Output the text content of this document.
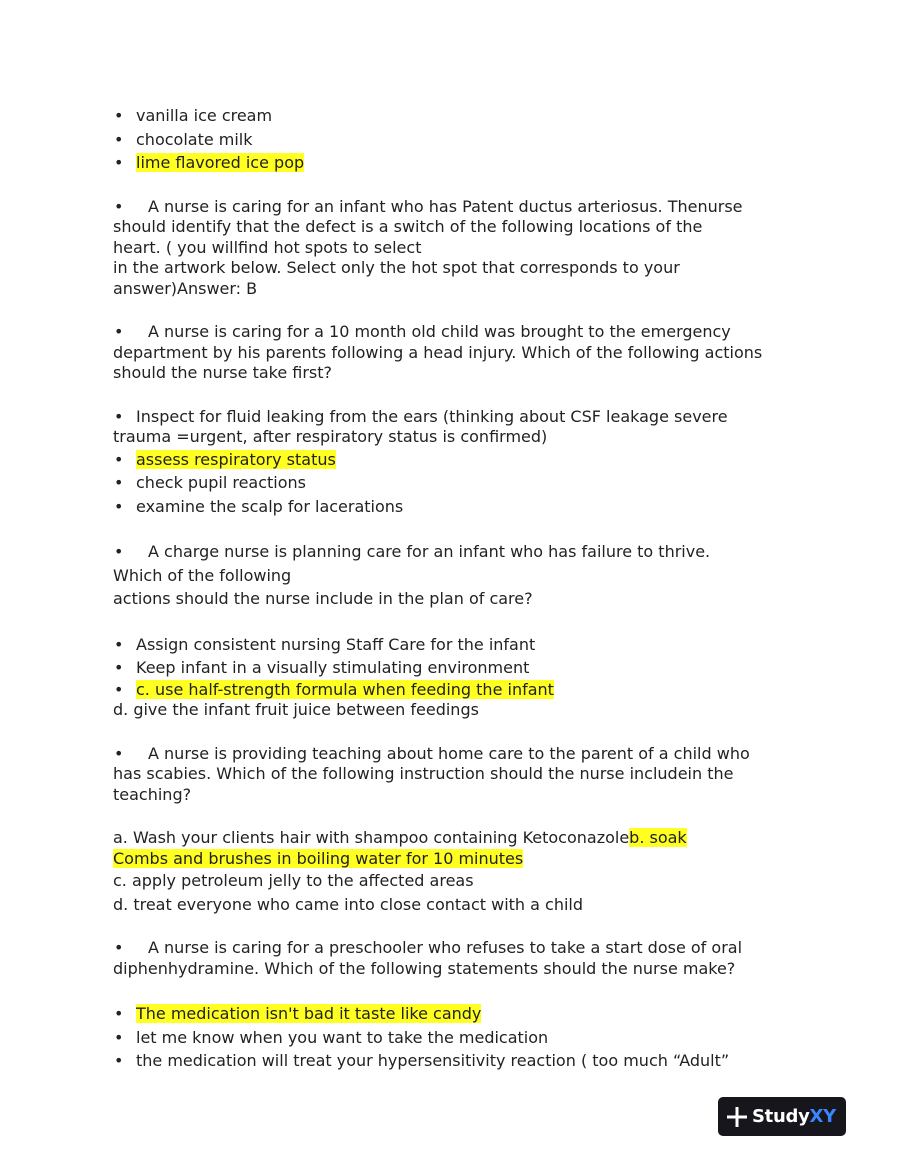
• vanilla ice cream
• chocolate milk
• lime flavored ice pop
• A nurse is caring for an infant who has Patent ductus arteriosus. Thenurse
should identify that the defect is a switch of the following locations of the
heart. ( you willfind hot spots to select
in the artwork below. Select only the hot spot that corresponds to your
answer)Answer: B
• A nurse is caring for a 10 month old child was brought to the emergency
department by his parents following a head injury. Which of the following actions
should the nurse take first?
• Inspect for fluid leaking from the ears (thinking about CSF leakage severe
trauma =urgent, after respiratory status is confirmed)
• assess respiratory status
• check pupil reactions
• examine the scalp for lacerations
• A charge nurse is planning care for an infant who has failure to thrive.
Which of the following
actions should the nurse include in the plan of care?
• Assign consistent nursing Staff Care for the infant
• Keep infant in a visually stimulating environment
• c. use half-strength formula when feeding the infant
d. give the infant fruit juice between feedings
• A nurse is providing teaching about home care to the parent of a child who
has scabies. Which of the following instruction should the nurse includein the
teaching?
a. Wash your clients hair with shampoo containing Ketoconazoleb. soak
Combs and brushes in boiling water for 10 minutes
c. apply petroleum jelly to the affected areas
d. treat everyone who came into close contact with a child
• A nurse is caring for a preschooler who refuses to take a start dose of oral
diphenhydramine. Which of the following statements should the nurse make?
• The medication isn't bad it taste like candy
• let me know when you want to take the medication
• the medication will treat your hypersensitivity reaction ( too much “Adult”
StudyXY
